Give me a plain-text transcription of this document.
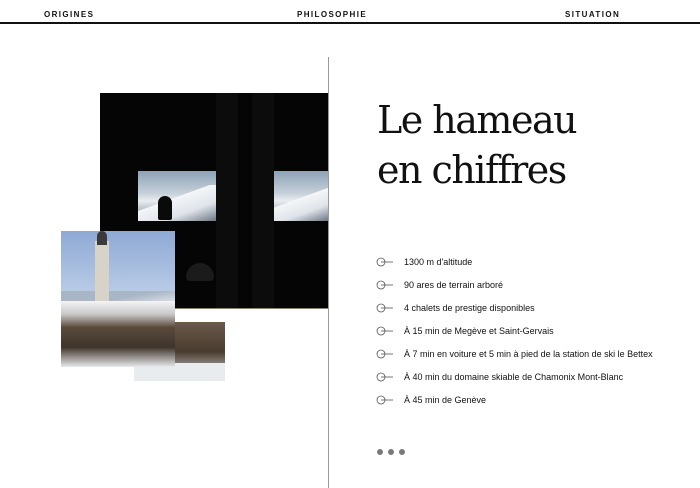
ORIGINES	PHILOSOPHIE	SITUATION
Le hameau
en chiffres
1300 m d'altitude
90 ares de terrain arboré
4 chalets de prestige disponibles
À 15 min de Megève et Saint-Gervais
À 7 min en voiture et 5 min à pied de la station de ski le Bettex
À 40 min du domaine skiable de Chamonix Mont-Blanc
À 45 min de Genève
